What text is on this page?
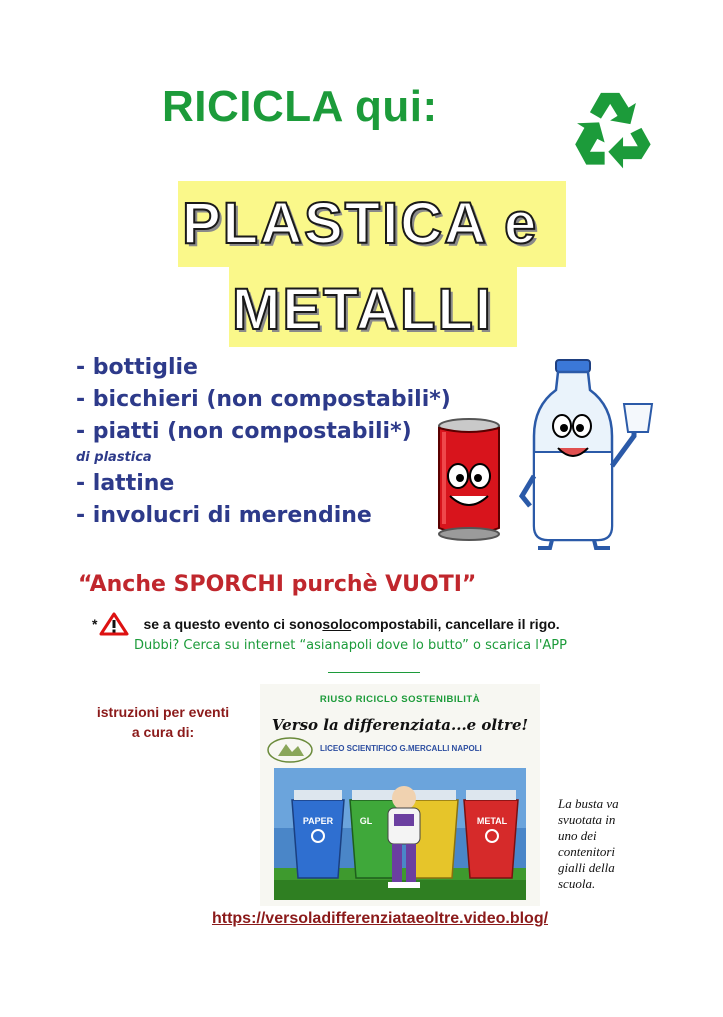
RICICLA qui:
PLASTICA e
METALLI
- bottiglie
- bicchieri (non compostabili*)
- piatti (non compostabili*)
di plastica
- lattine
- involucri di merendine
“Anche SPORCHI purchè VUOTI”
*	se a questo evento ci sono solo compostabili, cancellare il rigo.
Dubbi? Cerca su internet “asianapoli dove lo butto” o scarica l'APP
istruzioni per eventi
a cura di:
RIUSO RICICLO SOSTENIBILITÀ
Verso la differenziata...e oltre!
LICEO SCIENTIFICO G.MERCALLI NAPOLI
PAPER	GL	METAL
La busta va svuotata in uno dei contenitori gialli della scuola.
https://versoladifferenziataeoltre.video.blog/
